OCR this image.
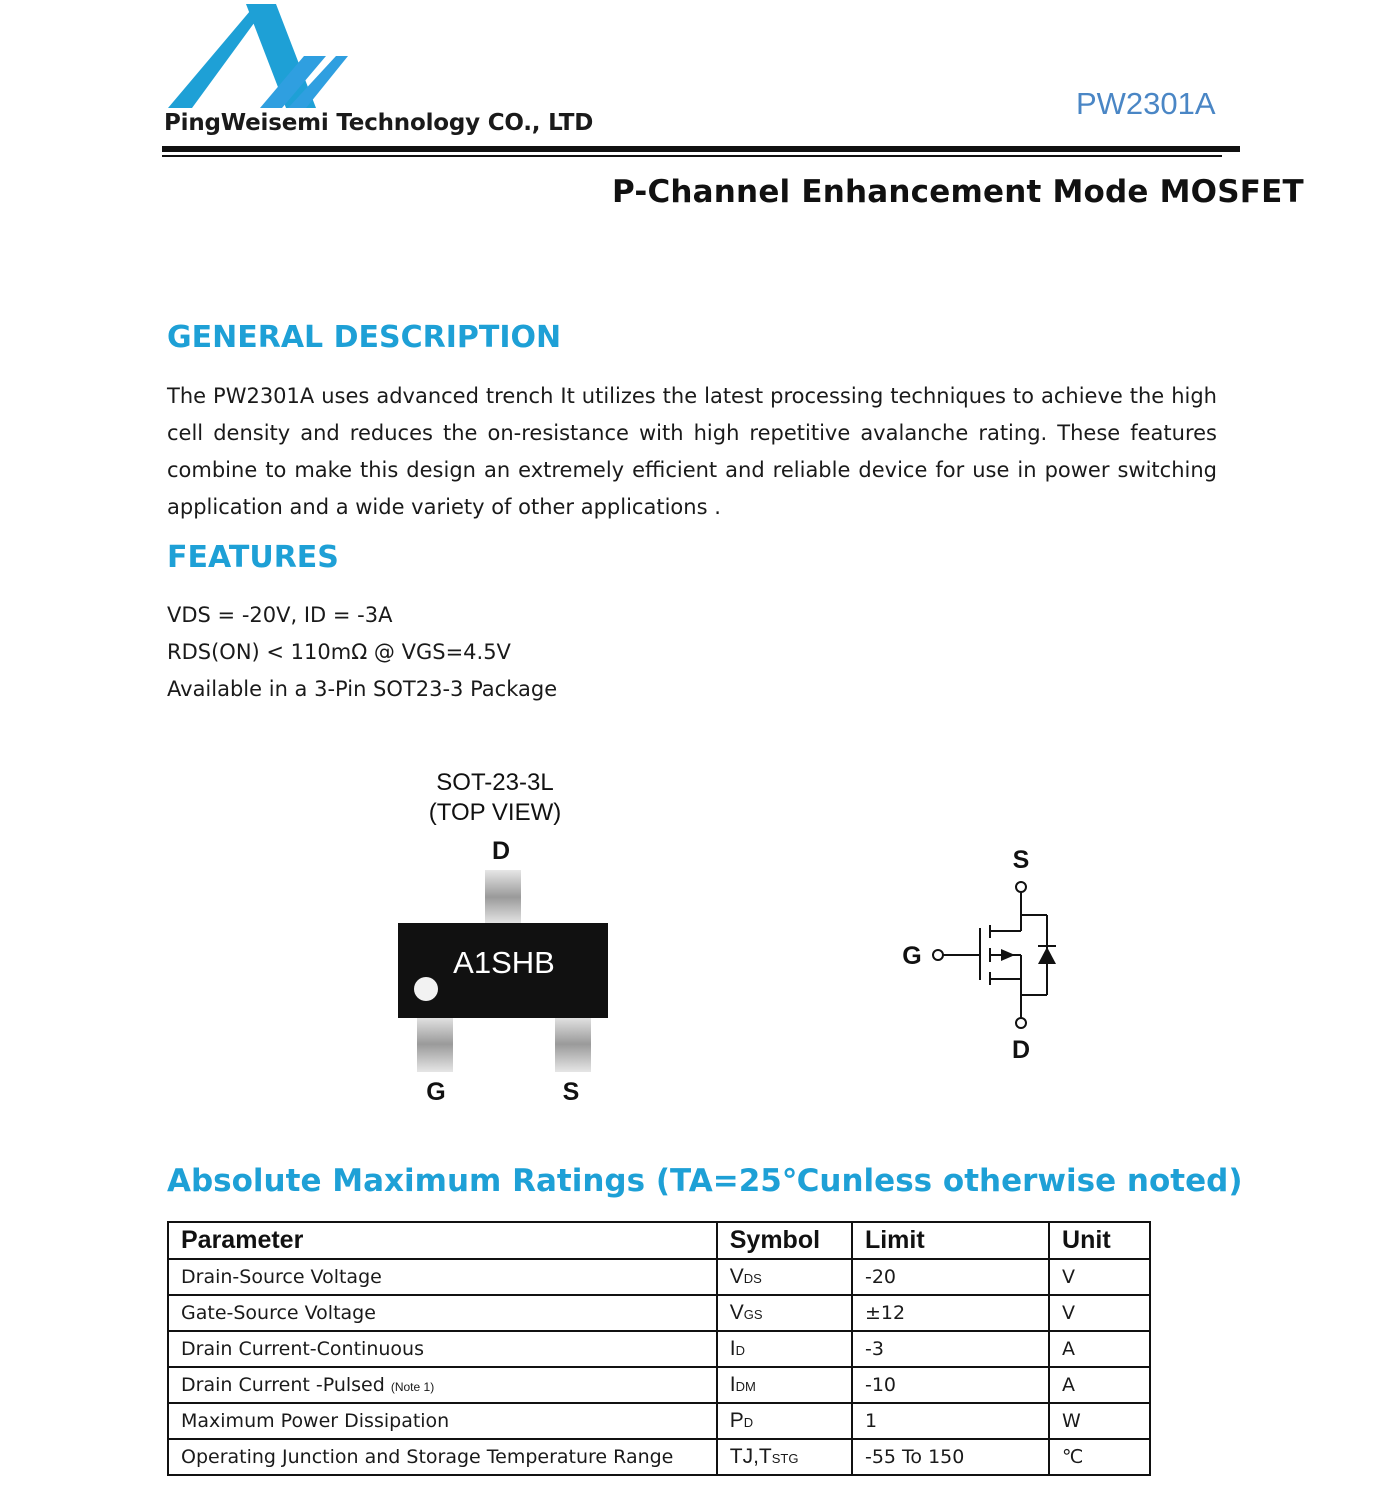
PingWeisemi Technology CO., LTD
PW2301A
P-Channel Enhancement Mode MOSFET
GENERAL DESCRIPTION
The PW2301A uses advanced trench It utilizes the latest processing techniques to achieve the high cell density and reduces the on-resistance with high repetitive avalanche rating. These features combine to make this design an extremely efficient and reliable device for use in power switching application and a wide variety of other applications .
FEATURES
VDS = -20V, ID = -3A
RDS(ON) < 110mΩ @ VGS=4.5V
Available in a 3-Pin SOT23-3 Package
SOT-23-3L
(TOP VIEW)
D
A1SHB
G	S
S
G
D
Absolute Maximum Ratings (TA=25℃unless otherwise noted)
Parameter	Symbol	Limit	Unit
Drain-Source Voltage	VDS	-20	V
Gate-Source Voltage	VGS	±12	V
Drain Current-Continuous	ID	-3	A
Drain Current -Pulsed (Note 1)	IDM	-10	A
Maximum Power Dissipation	PD	1	W
Operating Junction and Storage Temperature Range	TJ,TSTG	-55 To 150	℃
